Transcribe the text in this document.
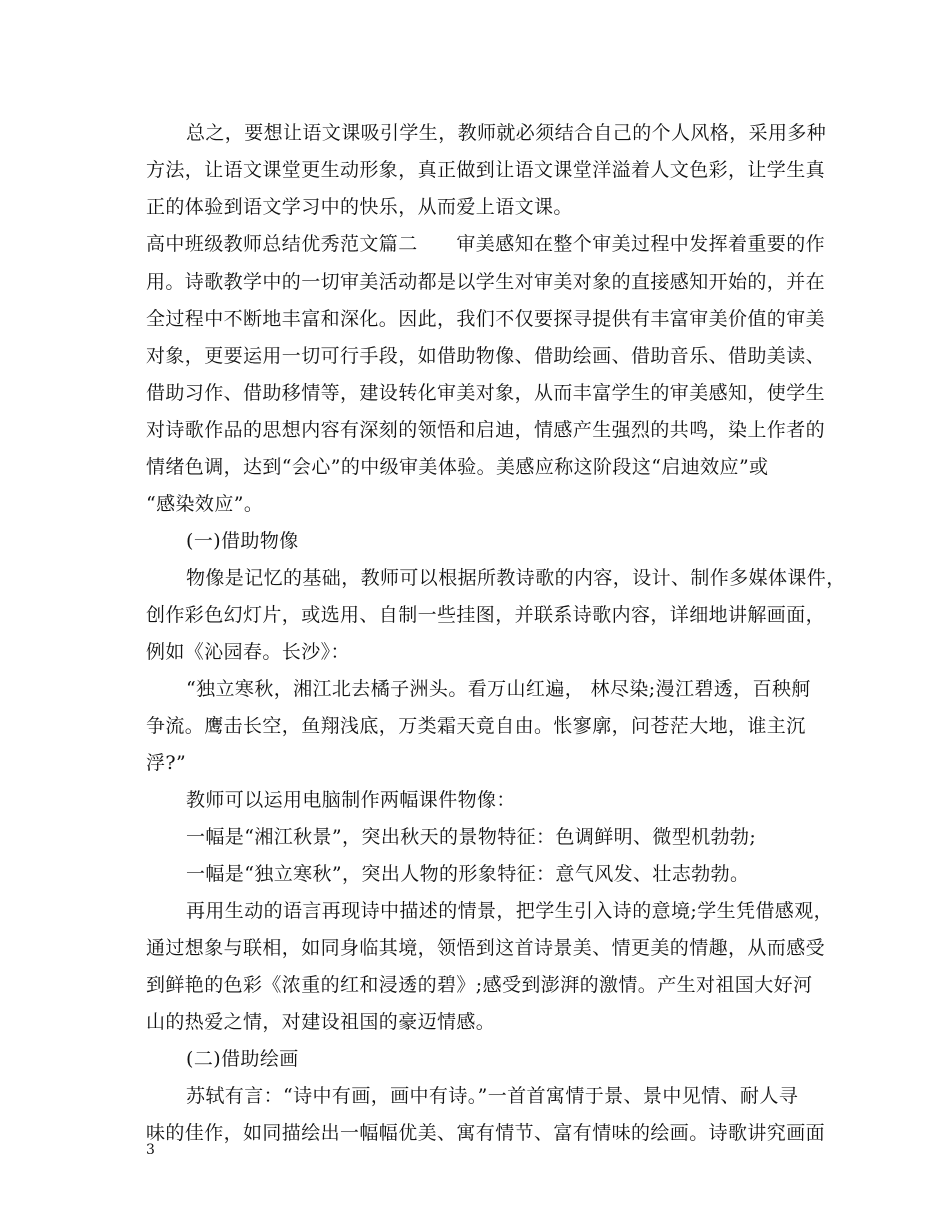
总之，要想让语文课吸引学生，教师就必须结合自己的个人风格，采用多种
方法，让语文课堂更生动形象，真正做到让语文课堂洋溢着人文色彩，让学生真
正的体验到语文学习中的快乐，从而爱上语文课。
高中班级教师总结优秀范文篇二　　审美感知在整个审美过程中发挥着重要的作
用。诗歌教学中的一切审美活动都是以学生对审美对象的直接感知开始的，并在
全过程中不断地丰富和深化。因此，我们不仅要探寻提供有丰富审美价值的审美
对象，更要运用一切可行手段，如借助物像、借助绘画、借助音乐、借助美读、
借助习作、借助移情等，建设转化审美对象，从而丰富学生的审美感知，使学生
对诗歌作品的思想内容有深刻的领悟和启迪，情感产生强烈的共鸣，染上作者的
情绪色调，达到“会心”的中级审美体验。美感应称这阶段这“启迪效应”或
“感染效应”。
(一)借助物像
物像是记忆的基础，教师可以根据所教诗歌的内容，设计、制作多媒体课件，
创作彩色幻灯片，或选用、自制一些挂图，并联系诗歌内容，详细地讲解画面，
例如《沁园春。长沙》：
“独立寒秋，湘江北去橘子洲头。看万山红遍， 林尽染;漫江碧透，百秧舸
争流。鹰击长空，鱼翔浅底，万类霜天竟自由。怅寥廓，问苍茫大地，谁主沉
浮?”
教师可以运用电脑制作两幅课件物像：
一幅是“湘江秋景”，突出秋天的景物特征：色调鲜明、微型机勃勃;
一幅是“独立寒秋”，突出人物的形象特征：意气风发、壮志勃勃。
再用生动的语言再现诗中描述的情景，把学生引入诗的意境;学生凭借感观，
通过想象与联相，如同身临其境，领悟到这首诗景美、情更美的情趣，从而感受
到鲜艳的色彩《浓重的红和浸透的碧》;感受到澎湃的激情。产生对祖国大好河
山的热爱之情，对建设祖国的豪迈情感。
(二)借助绘画
苏轼有言：“诗中有画，画中有诗。”一首首寓情于景、景中见情、耐人寻
味的佳作，如同描绘出一幅幅优美、寓有情节、富有情味的绘画。诗歌讲究画面
3
